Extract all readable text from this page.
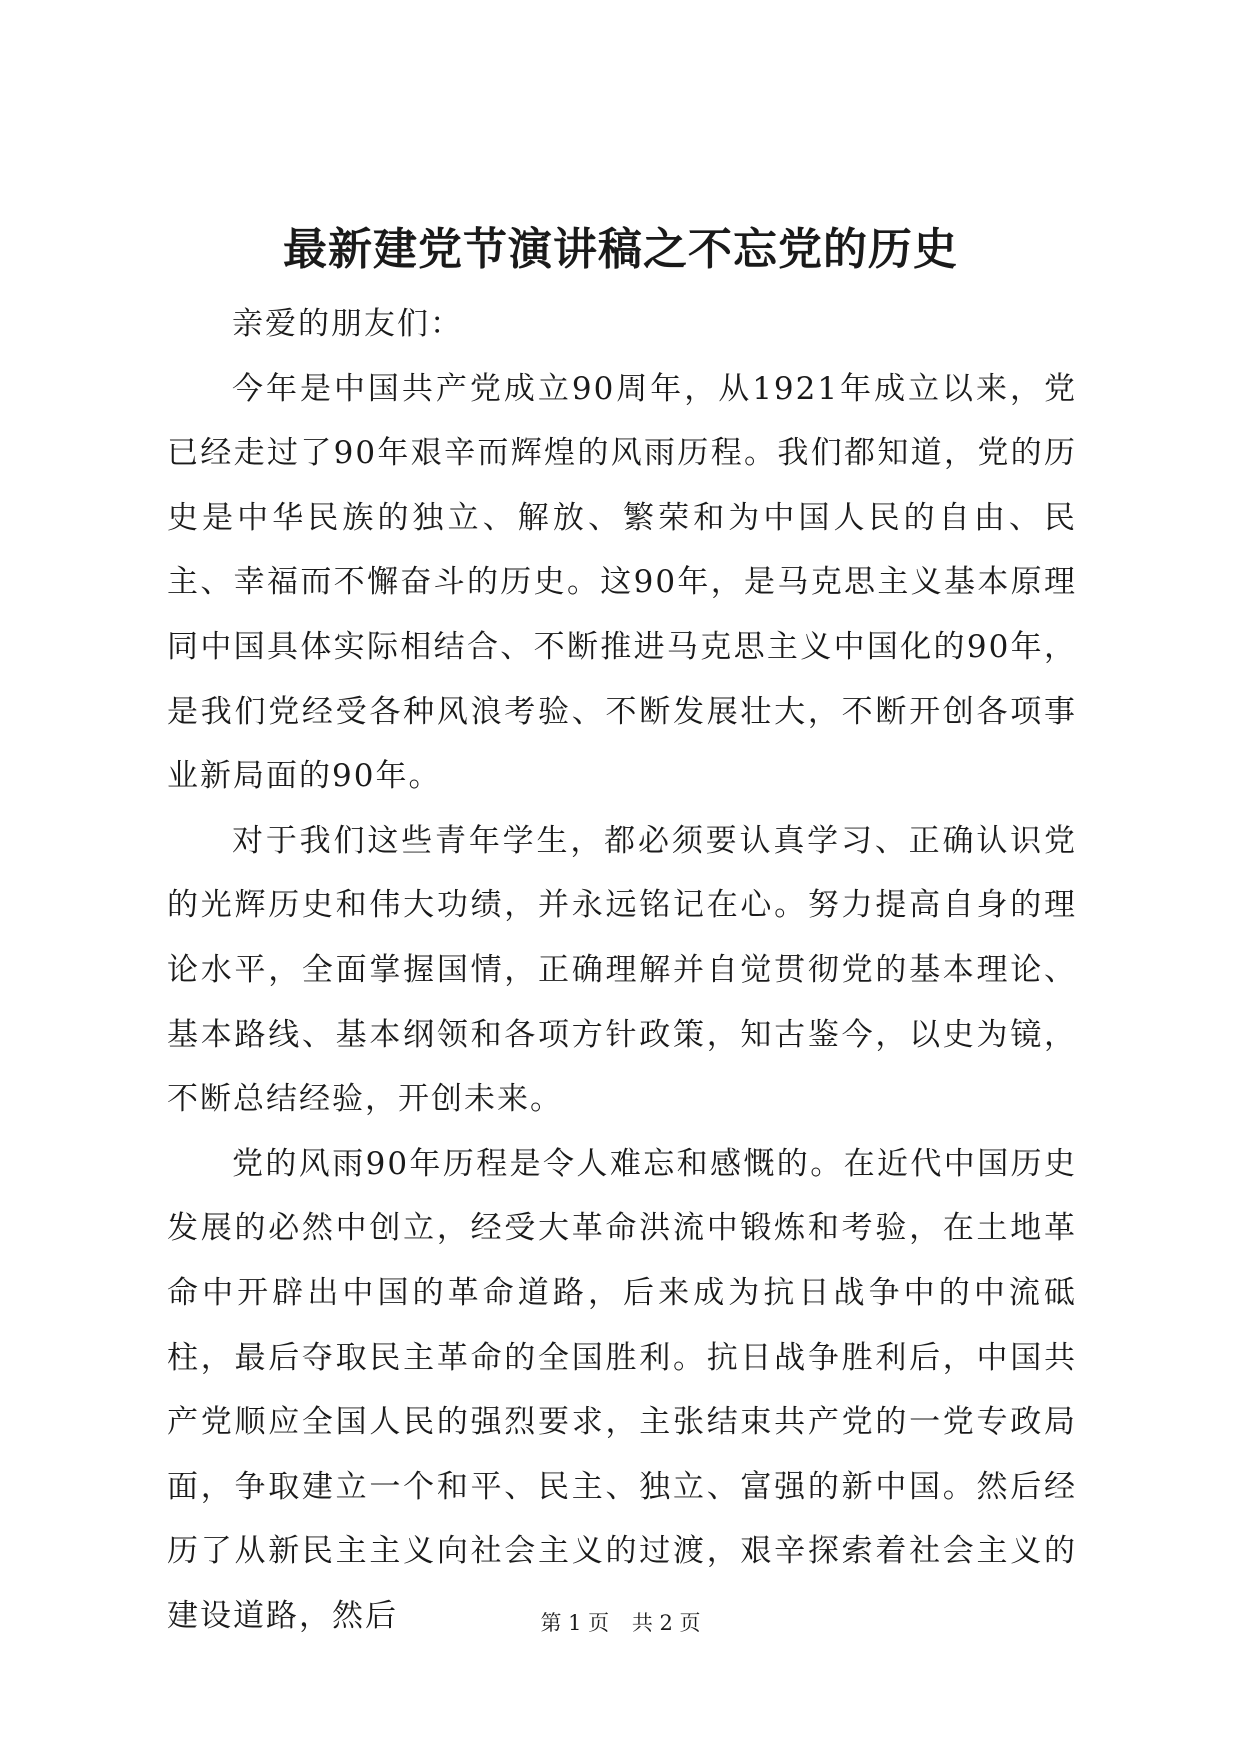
最新建党节演讲稿之不忘党的历史

亲爱的朋友们：

今年是中国共产党成立90周年，从1921年成立以来，党已经走过了90年艰辛而辉煌的风雨历程。我们都知道，党的历史是中华民族的独立、解放、繁荣和为中国人民的自由、民主、幸福而不懈奋斗的历史。这90年，是马克思主义基本原理同中国具体实际相结合、不断推进马克思主义中国化的90年，是我们党经受各种风浪考验、不断发展壮大，不断开创各项事业新局面的90年。

对于我们这些青年学生，都必须要认真学习、正确认识党的光辉历史和伟大功绩，并永远铭记在心。努力提高自身的理论水平，全面掌握国情，正确理解并自觉贯彻党的基本理论、基本路线、基本纲领和各项方针政策，知古鉴今，以史为镜，不断总结经验，开创未来。

党的风雨90年历程是令人难忘和感慨的。在近代中国历史发展的必然中创立，经受大革命洪流中锻炼和考验，在土地革命中开辟出中国的革命道路，后来成为抗日战争中的中流砥柱，最后夺取民主革命的全国胜利。抗日战争胜利后，中国共产党顺应全国人民的强烈要求，主张结束共产党的一党专政局面，争取建立一个和平、民主、独立、富强的新中国。然后经历了从新民主主义向社会主义的过渡，艰辛探索着社会主义的建设道路，然后	第 1 页 共 2 页
